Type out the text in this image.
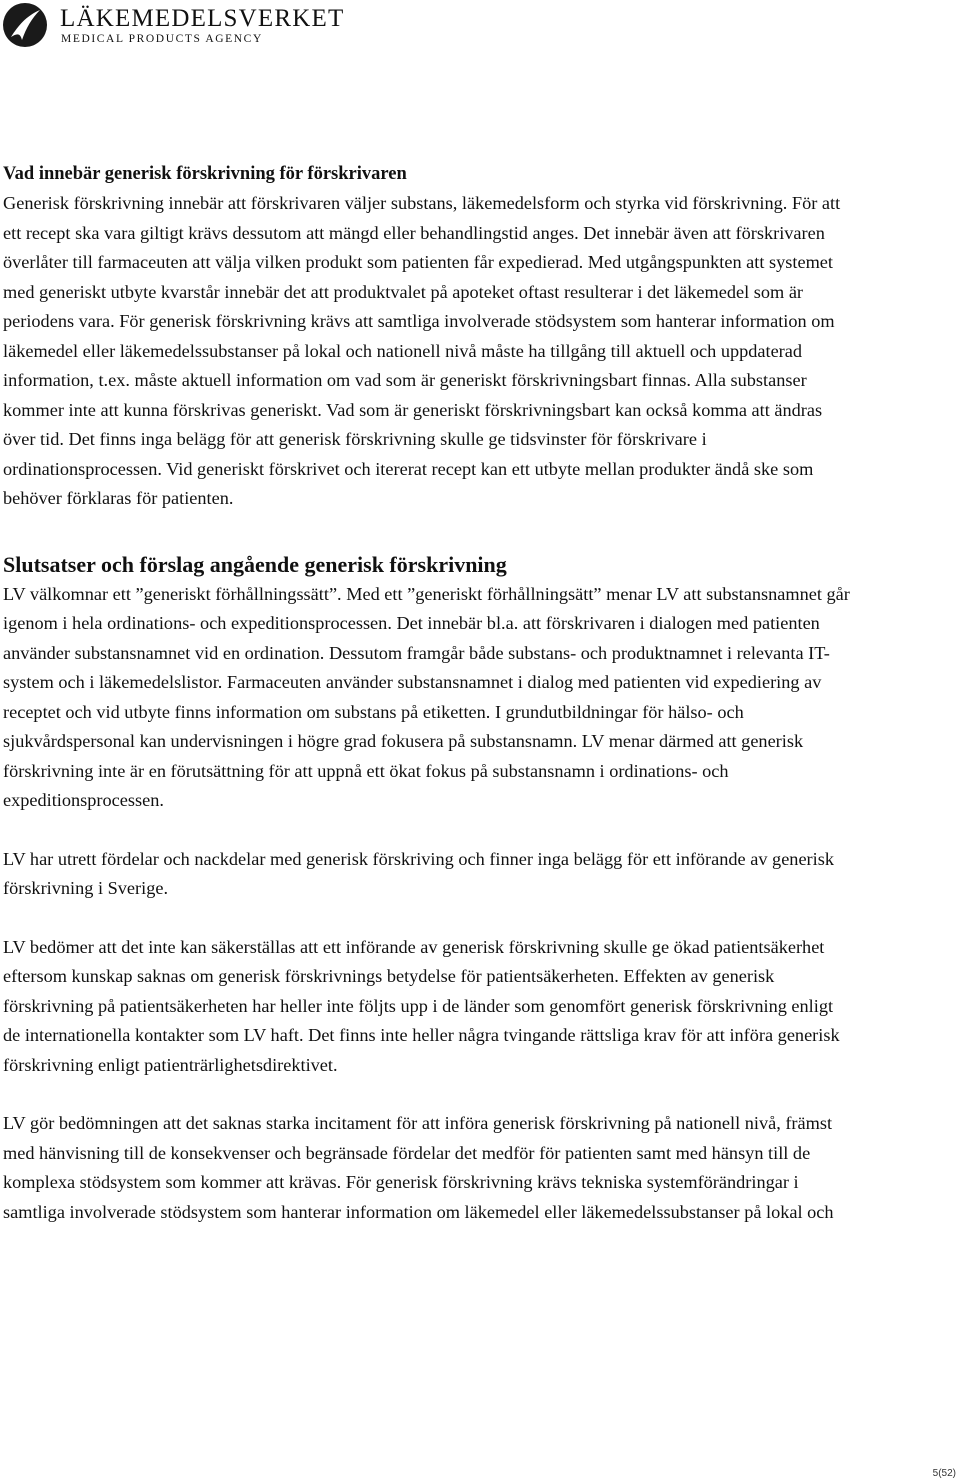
LÄKEMEDELSVERKET
MEDICAL PRODUCTS AGENCY

Vad innebär generisk förskrivning för förskrivaren

Generisk förskrivning innebär att förskrivaren väljer substans, läkemedelsform och styrka vid förskrivning. För att ett recept ska vara giltigt krävs dessutom att mängd eller behandlingstid anges. Det innebär även att förskrivaren överlåter till farmaceuten att välja vilken produkt som patienten får expedierad. Med utgångspunkten att systemet med generiskt utbyte kvarstår innebär det att produktvalet på apoteket oftast resulterar i det läkemedel som är periodens vara. För generisk förskrivning krävs att samtliga involverade stödsystem som hanterar information om läkemedel eller läkemedelssubstanser på lokal och nationell nivå måste ha tillgång till aktuell och uppdaterad information, t.ex. måste aktuell information om vad som är generiskt förskrivningsbart finnas. Alla substanser kommer inte att kunna förskrivas generiskt. Vad som är generiskt förskrivningsbart kan också komma att ändras över tid. Det finns inga belägg för att generisk förskrivning skulle ge tidsvinster för förskrivare i ordinationsprocessen. Vid generiskt förskrivet och itererat recept kan ett utbyte mellan produkter ändå ske som behöver förklaras för patienten.

Slutsatser och förslag angående generisk förskrivning

LV välkomnar ett ”generiskt förhållningssätt”. Med ett ”generiskt förhållningsätt” menar LV att substansnamnet går igenom i hela ordinations- och expeditionsprocessen. Det innebär bl.a. att förskrivaren i dialogen med patienten använder substansnamnet vid en ordination. Dessutom framgår både substans- och produktnamnet i relevanta IT-system och i läkemedelslistor. Farmaceuten använder substansnamnet i dialog med patienten vid expediering av receptet och vid utbyte finns information om substans på etiketten. I grundutbildningar för hälso- och sjukvårdspersonal kan undervisningen i högre grad fokusera på substansnamn. LV menar därmed att generisk förskrivning inte är en förutsättning för att uppnå ett ökat fokus på substansnamn i ordinations- och expeditionsprocessen.

LV har utrett fördelar och nackdelar med generisk förskriving och finner inga belägg för ett införande av generisk förskrivning i Sverige.

LV bedömer att det inte kan säkerställas att ett införande av generisk förskrivning skulle ge ökad patientsäkerhet eftersom kunskap saknas om generisk förskrivnings betydelse för patientsäkerheten. Effekten av generisk förskrivning på patientsäkerheten har heller inte följts upp i de länder som genomfört generisk förskrivning enligt de internationella kontakter som LV haft. Det finns inte heller några tvingande rättsliga krav för att införa generisk förskrivning enligt patienträrlighetsdirektivet.

LV gör bedömningen att det saknas starka incitament för att införa generisk förskrivning på nationell nivå, främst med hänvisning till de konsekvenser och begränsade fördelar det medför för patienten samt med hänsyn till de komplexa stödsystem som kommer att krävas. För generisk förskrivning krävs tekniska systemförändringar i samtliga involverade stödsystem som hanterar information om läkemedel eller läkemedelssubstanser på lokal och

5(52)
